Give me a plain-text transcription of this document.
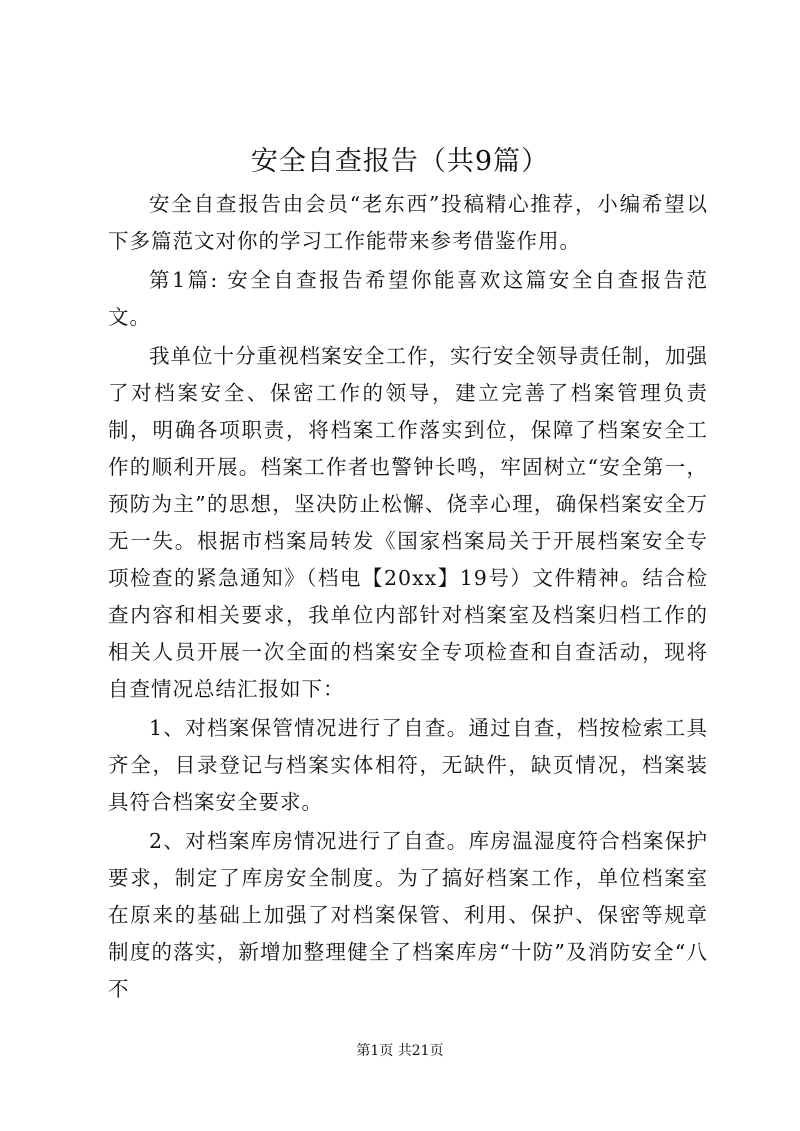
安全自查报告（共9篇）

安全自查报告由会员“老东西”投稿精心推荐，小编希望以下多篇范文对你的学习工作能带来参考借鉴作用。

第1篇: 安全自查报告希望你能喜欢这篇安全自查报告范文。

我单位十分重视档案安全工作，实行安全领导责任制，加强了对档案安全、保密工作的领导，建立完善了档案管理负责制，明确各项职责，将档案工作落实到位，保障了档案安全工作的顺利开展。档案工作者也警钟长鸣，牢固树立“安全第一，预防为主”的思想，坚决防止松懈、侥幸心理，确保档案安全万无一失。根据市档案局转发《国家档案局关于开展档案安全专项检查的紧急通知》（档电【20xx】19号）文件精神。结合检查内容和相关要求，我单位内部针对档案室及档案归档工作的相关人员开展一次全面的档案安全专项检查和自查活动，现将自查情况总结汇报如下：

1、对档案保管情况进行了自查。通过自查，档按检索工具齐全，目录登记与档案实体相符，无缺件，缺页情况，档案装具符合档案安全要求。

2、对档案库房情况进行了自查。库房温湿度符合档案保护要求，制定了库房安全制度。为了搞好档案工作，单位档案室在原来的基础上加强了对档案保管、利用、保护、保密等规章制度的落实，新增加整理健全了档案库房“十防”及消防安全“八不

第1页 共21页
